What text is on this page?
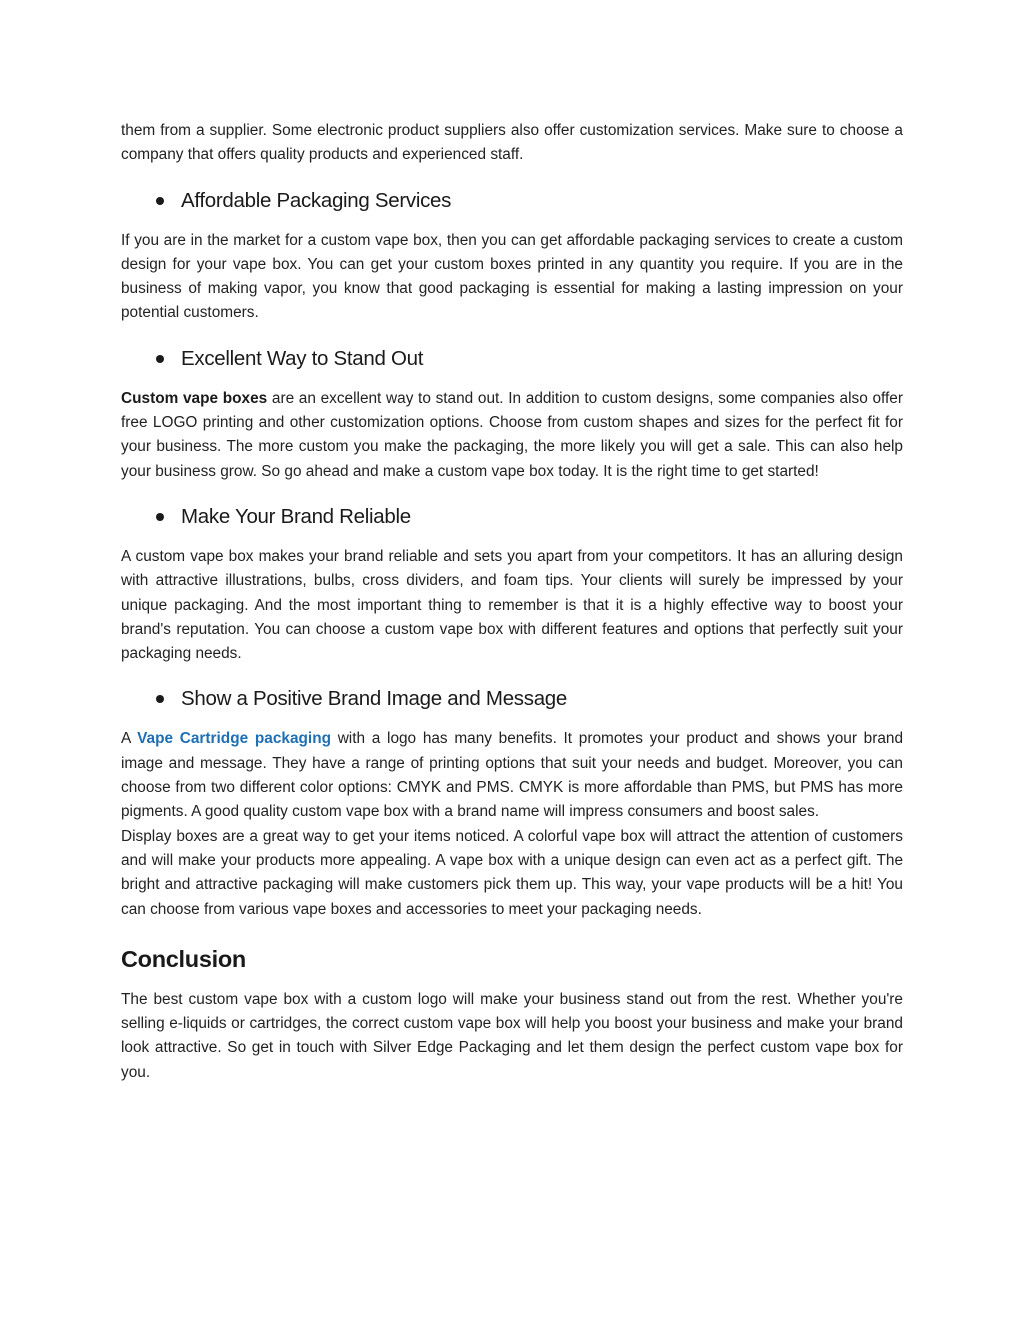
them from a supplier. Some electronic product suppliers also offer customization services. Make sure to choose a company that offers quality products and experienced staff.

Affordable Packaging Services

If you are in the market for a custom vape box, then you can get affordable packaging services to create a custom design for your vape box. You can get your custom boxes printed in any quantity you require. If you are in the business of making vapor, you know that good packaging is essential for making a lasting impression on your potential customers.

Excellent Way to Stand Out

Custom vape boxes are an excellent way to stand out. In addition to custom designs, some companies also offer free LOGO printing and other customization options. Choose from custom shapes and sizes for the perfect fit for your business. The more custom you make the packaging, the more likely you will get a sale. This can also help your business grow. So go ahead and make a custom vape box today. It is the right time to get started!

Make Your Brand Reliable

A custom vape box makes your brand reliable and sets you apart from your competitors. It has an alluring design with attractive illustrations, bulbs, cross dividers, and foam tips. Your clients will surely be impressed by your unique packaging. And the most important thing to remember is that it is a highly effective way to boost your brand's reputation. You can choose a custom vape box with different features and options that perfectly suit your packaging needs.

Show a Positive Brand Image and Message

A Vape Cartridge packaging with a logo has many benefits. It promotes your product and shows your brand image and message. They have a range of printing options that suit your needs and budget. Moreover, you can choose from two different color options: CMYK and PMS. CMYK is more affordable than PMS, but PMS has more pigments. A good quality custom vape box with a brand name will impress consumers and boost sales.

Display boxes are a great way to get your items noticed. A colorful vape box will attract the attention of customers and will make your products more appealing. A vape box with a unique design can even act as a perfect gift. The bright and attractive packaging will make customers pick them up. This way, your vape products will be a hit! You can choose from various vape boxes and accessories to meet your packaging needs.

Conclusion

The best custom vape box with a custom logo will make your business stand out from the rest. Whether you're selling e-liquids or cartridges, the correct custom vape box will help you boost your business and make your brand look attractive. So get in touch with Silver Edge Packaging and let them design the perfect custom vape box for you.
